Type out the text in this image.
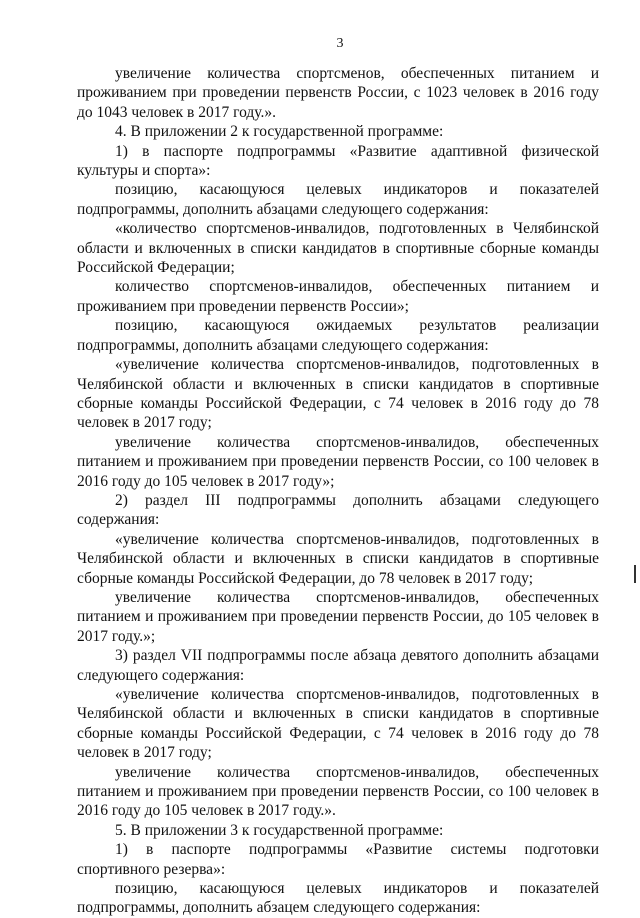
3

увеличение количества спортсменов, обеспеченных питанием и проживанием при проведении первенств России, с 1023 человек в 2016 году до 1043 человек в 2017 году.».

4. В приложении 2 к государственной программе:

1) в паспорте подпрограммы «Развитие адаптивной физической культуры и спорта»:

позицию, касающуюся целевых индикаторов и показателей подпрограммы, дополнить абзацами следующего содержания:

«количество спортсменов-инвалидов, подготовленных в Челябинской области и включенных в списки кандидатов в спортивные сборные команды Российской Федерации;

количество спортсменов-инвалидов, обеспеченных питанием и проживанием при проведении первенств России»;

позицию, касающуюся ожидаемых результатов реализации подпрограммы, дополнить абзацами следующего содержания:

«увеличение количества спортсменов-инвалидов, подготовленных в Челябинской области и включенных в списки кандидатов в спортивные сборные команды Российской Федерации, с 74 человек в 2016 году до 78 человек в 2017 году;

увеличение количества спортсменов-инвалидов, обеспеченных питанием и проживанием при проведении первенств России, со 100 человек в 2016 году до 105 человек в 2017 году»;

2) раздел III подпрограммы дополнить абзацами следующего содержания:

«увеличение количества спортсменов-инвалидов, подготовленных в Челябинской области и включенных в списки кандидатов в спортивные сборные команды Российской Федерации, до 78 человек в 2017 году;

увеличение количества спортсменов-инвалидов, обеспеченных питанием и проживанием при проведении первенств России, до 105 человек в 2017 году.»;

3) раздел VII подпрограммы после абзаца девятого дополнить абзацами следующего содержания:

«увеличение количества спортсменов-инвалидов, подготовленных в Челябинской области и включенных в списки кандидатов в спортивные сборные команды Российской Федерации, с 74 человек в 2016 году до 78 человек в 2017 году;

увеличение количества спортсменов-инвалидов, обеспеченных питанием и проживанием при проведении первенств России, со 100 человек в 2016 году до 105 человек в 2017 году.».

5. В приложении 3 к государственной программе:

1) в паспорте подпрограммы «Развитие системы подготовки спортивного резерва»:

позицию, касающуюся целевых индикаторов и показателей подпрограммы, дополнить абзацем следующего содержания:
